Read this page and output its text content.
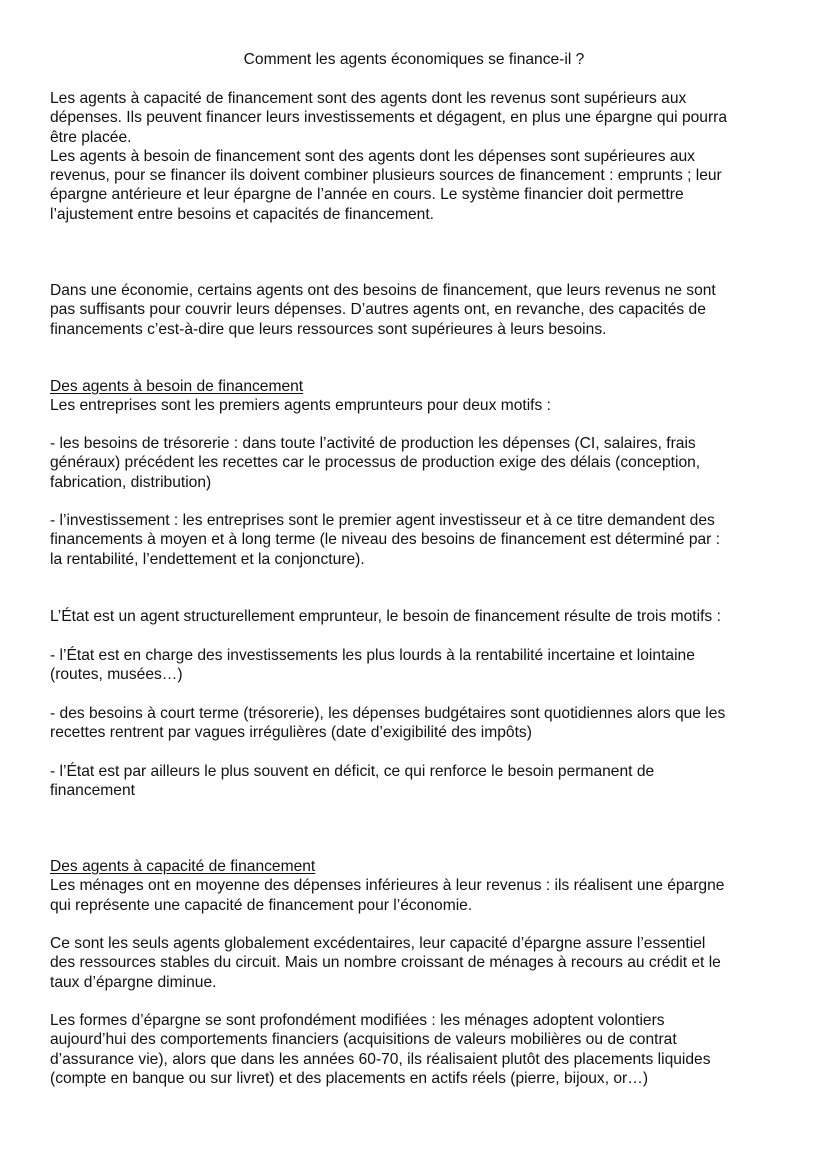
Comment les agents économiques se finance-il ?
Les agents à capacité de financement sont des agents dont les revenus sont supérieurs aux
dépenses. Ils peuvent financer leurs investissements et dégagent, en plus une épargne qui pourra
être placée.
Les agents à besoin de financement sont des agents dont les dépenses sont supérieures aux
revenus, pour se financer ils doivent combiner plusieurs sources de financement : emprunts ; leur
épargne antérieure et leur épargne de l’année en cours. Le système financier doit permettre
l’ajustement entre besoins et capacités de financement.
Dans une économie, certains agents ont des besoins de financement, que leurs revenus ne sont
pas suffisants pour couvrir leurs dépenses. D’autres agents ont, en revanche, des capacités de
financements c’est-à-dire que leurs ressources sont supérieures à leurs besoins.
Des agents à besoin de financement
Les entreprises sont les premiers agents emprunteurs pour deux motifs :
- les besoins de trésorerie : dans toute l’activité de production les dépenses (CI, salaires, frais
généraux) précédent les recettes car le processus de production exige des délais (conception,
fabrication, distribution)
- l’investissement : les entreprises sont le premier agent investisseur et à ce titre demandent des
financements à moyen et à long terme (le niveau des besoins de financement est déterminé par :
la rentabilité, l’endettement et la conjoncture).
L’État est un agent structurellement emprunteur, le besoin de financement résulte de trois motifs :
- l’État est en charge des investissements les plus lourds à la rentabilité incertaine et lointaine
(routes, musées…)
- des besoins à court terme (trésorerie), les dépenses budgétaires sont quotidiennes alors que les
recettes rentrent par vagues irrégulières (date d’exigibilité des impôts)
- l’État est par ailleurs le plus souvent en déficit, ce qui renforce le besoin permanent de
financement
Des agents à capacité de financement
Les ménages ont en moyenne des dépenses inférieures à leur revenus : ils réalisent une épargne
qui représente une capacité de financement pour l’économie.
Ce sont les seuls agents globalement excédentaires, leur capacité d’épargne assure l’essentiel
des ressources stables du circuit. Mais un nombre croissant de ménages à recours au crédit et le
taux d’épargne diminue.
Les formes d’épargne se sont profondément modifiées : les ménages adoptent volontiers
aujourd’hui des comportements financiers (acquisitions de valeurs mobilières ou de contrat
d’assurance vie), alors que dans les années 60-70, ils réalisaient plutôt des placements liquides
(compte en banque ou sur livret) et des placements en actifs réels (pierre, bijoux, or…)
